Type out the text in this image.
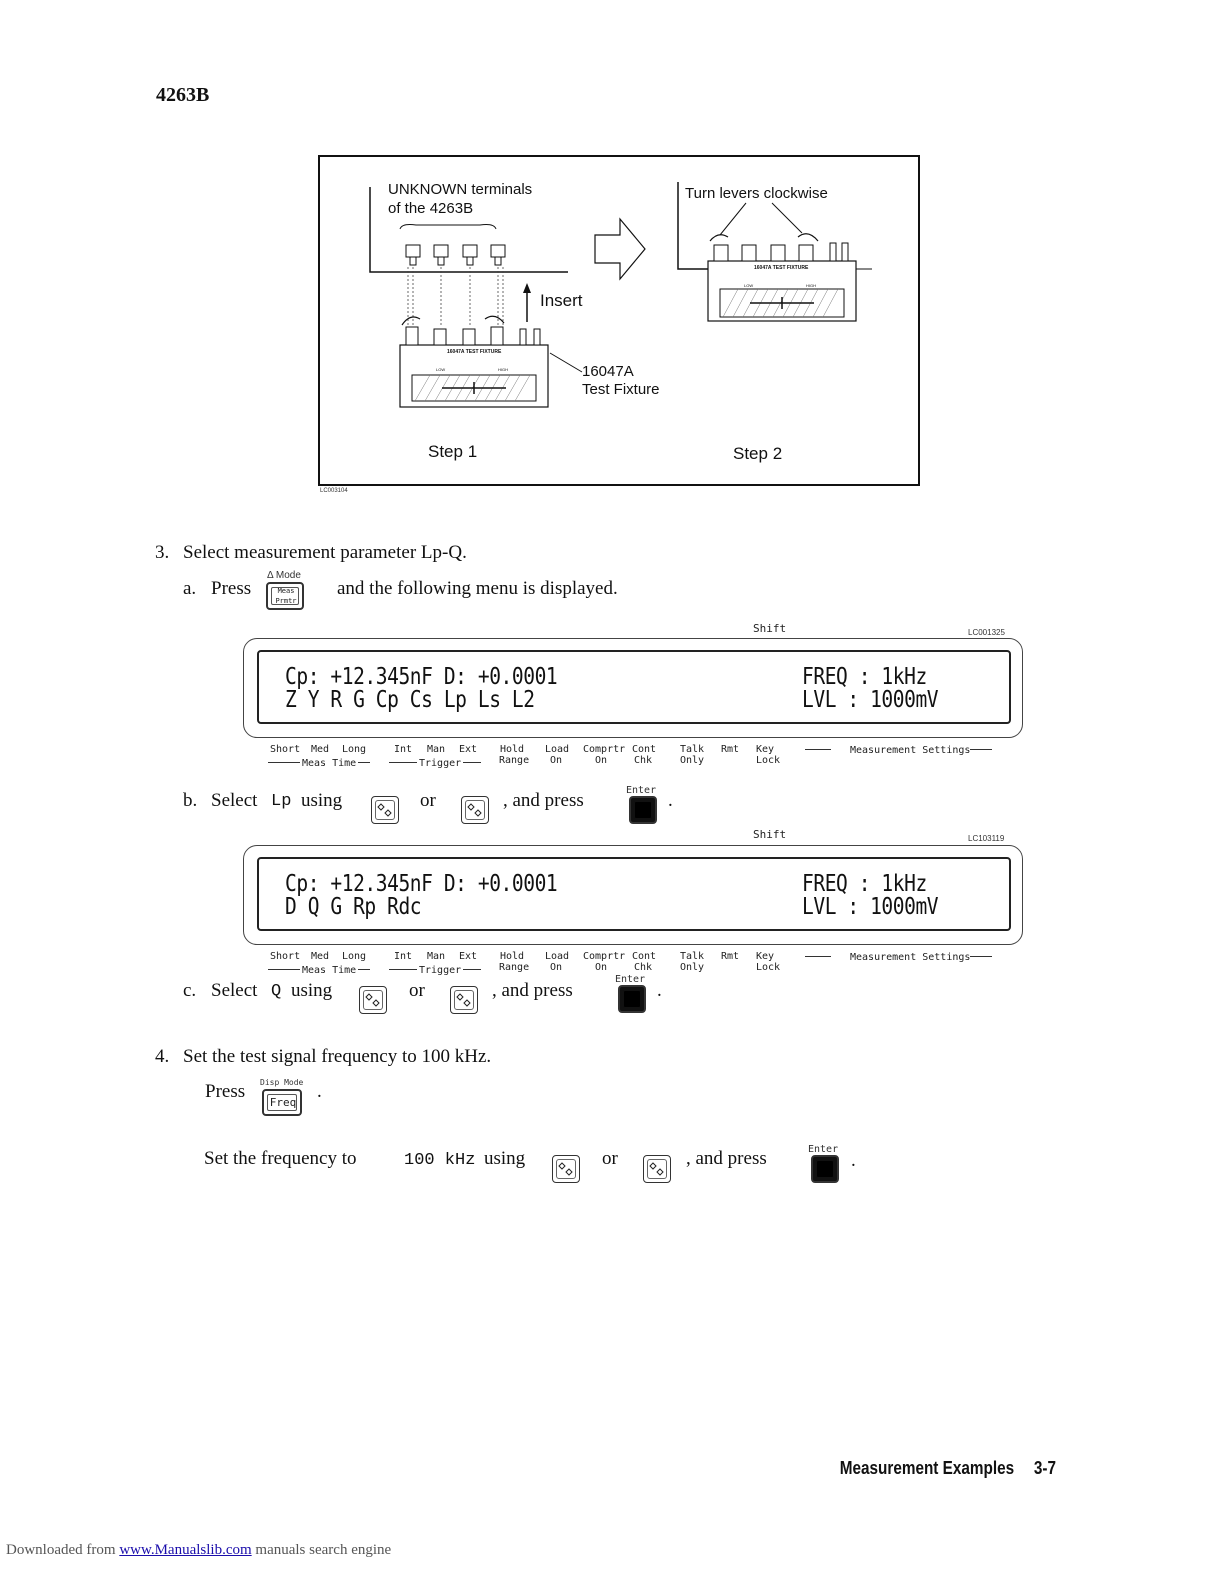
4263B
UNKNOWN terminals
of the 4263B
Insert
16047A
Test Fixture
Turn levers clockwise
Step 1	Step 2
16047A TEST FIXTURE
16047A TEST FIXTURE
LOW	HIGH
LOW	HIGH
LC003104
3. Select measurement parameter Lp-Q.
a. Press
Δ Mode
Meas
Prmtr
and the following menu is displayed.
Shift	LC001325
Cp: +12.345nF D: +0.0001	FREQ : 1kHz
Z Y R G Cp Cs Lp Ls L2	LVL : 1000mV
Short Med Long
Meas Time
Int Man Ext
Trigger
Hold
Range
Load
On
Comprtr
On
Cont
Chk
Talk
Only
Rmt Key
Lock
Measurement Settings
b. Select Lp using	or	, and press	Enter .
Shift	LC103119
Cp: +12.345nF D: +0.0001	FREQ : 1kHz
D Q G Rp Rdc	LVL : 1000mV
Short Med Long
Meas Time
Int Man Ext
Trigger
Hold
Range
Load
On
Comprtr
On
Cont
Chk
Talk
Only
Rmt Key
Lock
Measurement Settings
c. Select Q using	or	, and press
Enter
.
4. Set the test signal frequency to 100 kHz.
Press Disp Mode
Freq
.
Set the frequency to	100 kHz using	or	, and press	Enter
.
Measurement Examples 3-7
Downloaded from www.Manualslib.com manuals search engine
